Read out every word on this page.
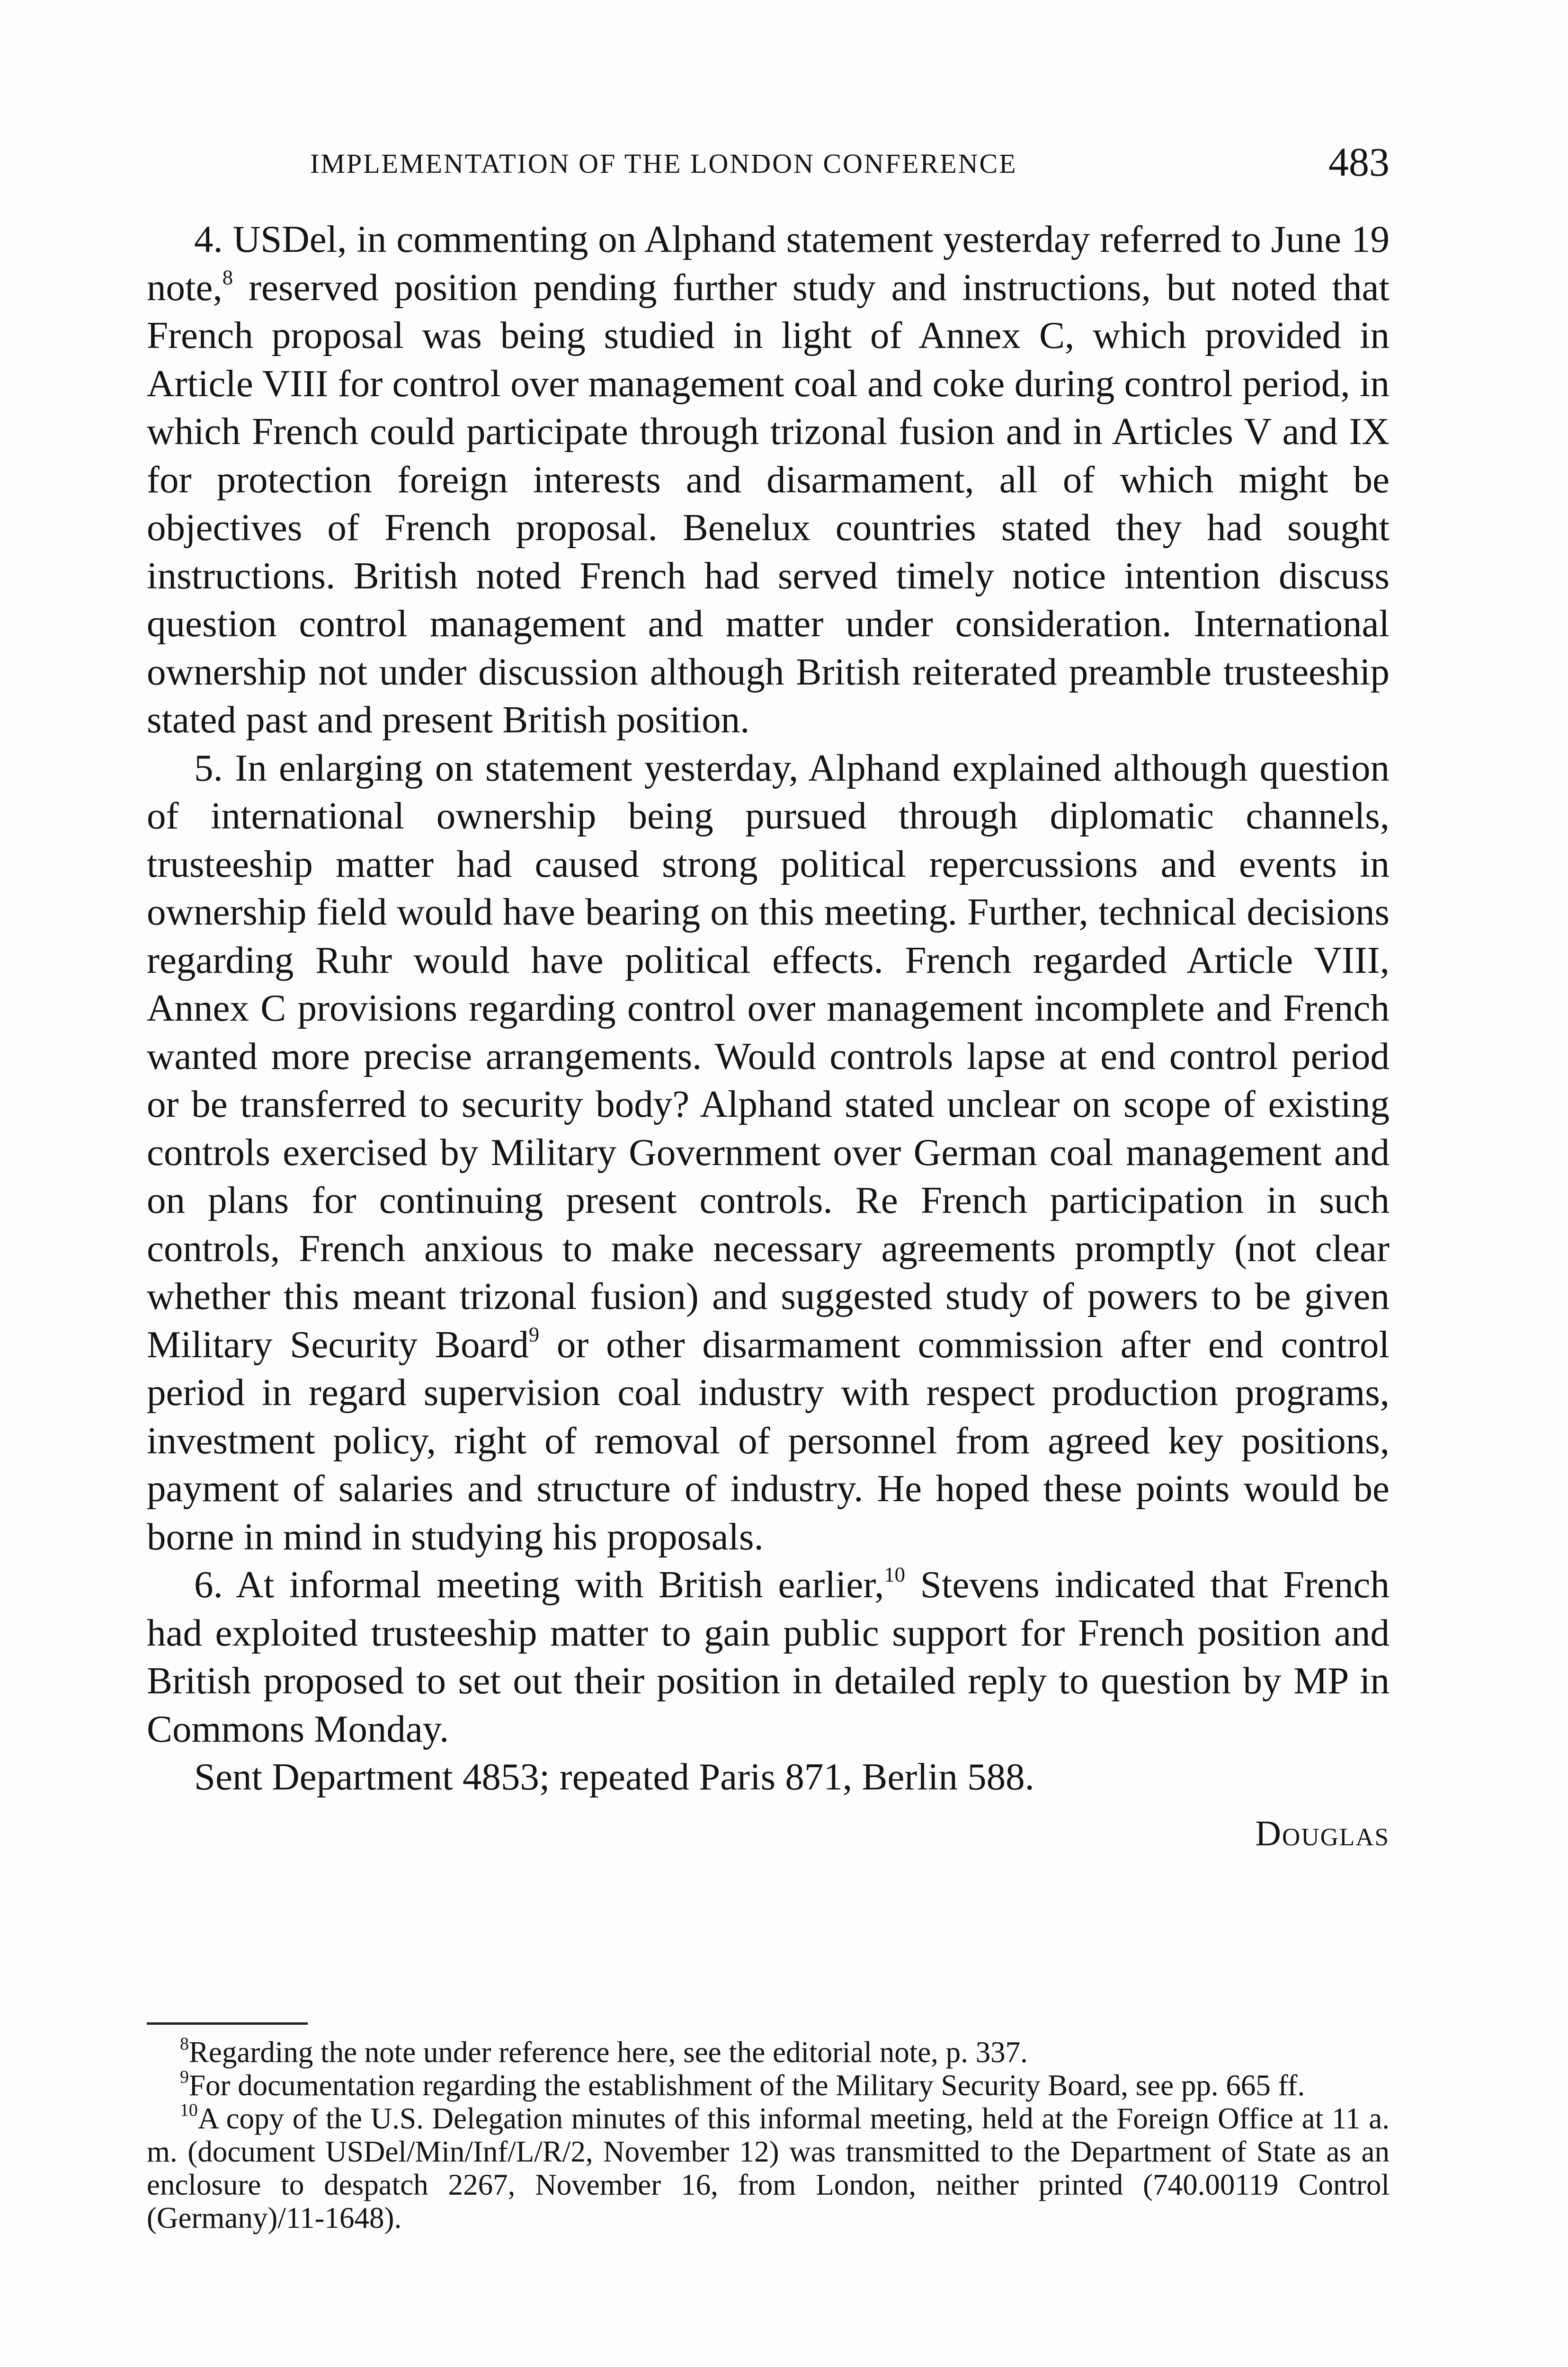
IMPLEMENTATION OF THE LONDON CONFERENCE	483

4. USDel, in commenting on Alphand statement yesterday referred to June 19 note,$^8$ reserved position pending further study and instructions, but noted that French proposal was being studied in light of Annex C, which provided in Article VIII for control over management coal and coke during control period, in which French could participate through trizonal fusion and in Articles V and IX for protection foreign interests and disarmament, all of which might be objectives of French proposal. Benelux countries stated they had sought instructions. British noted French had served timely notice intention discuss question control management and matter under consideration. International ownership not under discussion although British reiterated preamble trusteeship stated past and present British position.

5. In enlarging on statement yesterday, Alphand explained although question of international ownership being pursued through diplomatic channels, trusteeship matter had caused strong political repercussions and events in ownership field would have bearing on this meeting. Further, technical decisions regarding Ruhr would have political effects. French regarded Article VIII, Annex C provisions regarding control over management incomplete and French wanted more precise arrangements. Would controls lapse at end control period or be transferred to security body? Alphand stated unclear on scope of existing controls exercised by Military Government over German coal management and on plans for continuing present controls. Re French participation in such controls, French anxious to make necessary agreements promptly (not clear whether this meant trizonal fusion) and suggested study of powers to be given Military Security Board$^9$ or other disarmament commission after end control period in regard supervision coal industry with respect production programs, investment policy, right of removal of personnel from agreed key positions, payment of salaries and structure of industry. He hoped these points would be borne in mind in studying his proposals.

6. At informal meeting with British earlier,$^{10}$ Stevens indicated that French had exploited trusteeship matter to gain public support for French position and British proposed to set out their position in detailed reply to question by MP in Commons Monday.

Sent Department 4853; repeated Paris 871, Berlin 588.

Douglas

$^8$Regarding the note under reference here, see the editorial note, p. 337.

$^9$For documentation regarding the establishment of the Military Security Board, see pp. 665 ff.

$^{10}$A copy of the U.S. Delegation minutes of this informal meeting, held at the Foreign Office at 11 a. m. (document USDel/Min/Inf/L/R/2, November 12) was transmitted to the Department of State as an enclosure to despatch 2267, November 16, from London, neither printed (740.00119 Control (Germany)/11-1648).
